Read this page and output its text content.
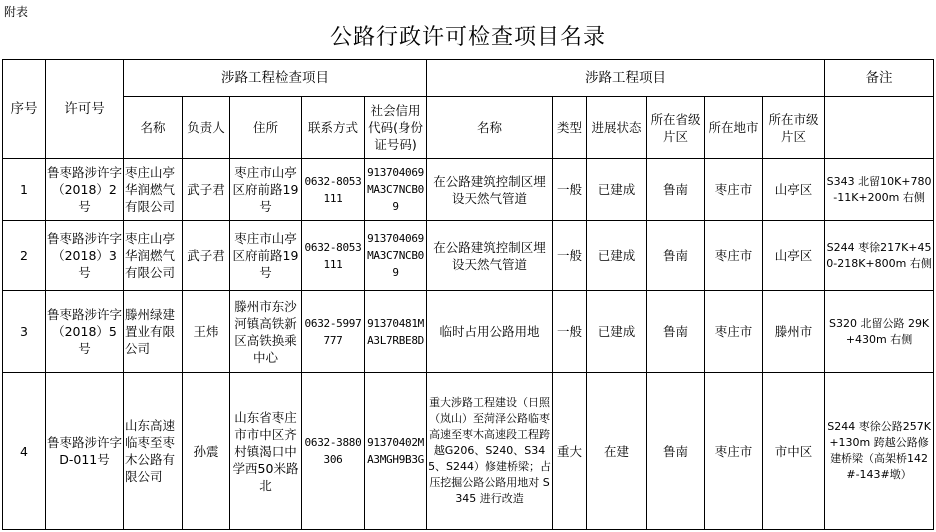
附表
公路行政许可检查项目名录
序号	许可号	涉路工程检查项目					涉路工程项目						备注
		名称	负责人	住所	联系方式	社会信用代码(身份证号码)	名称	类型	进展状态	所在省级片区	所在地市	所在市级片区	
1	鲁枣路涉许字（2018）2号	枣庄山亭华润燃气有限公司	武子君	枣庄市山亭区府前路19号	0632-8053111	913704069MA3C7NCB09	在公路建筑控制区埋设天然气管道	一般	已建成	鲁南	枣庄市	山亭区	S343 北留10K+780-11K+200m 右侧
2	鲁枣路涉许字（2018）3号	枣庄山亭华润燃气有限公司	武子君	枣庄市山亭区府前路19号	0632-8053111	913704069MA3C7NCB09	在公路建筑控制区埋设天然气管道	一般	已建成	鲁南	枣庄市	山亭区	S244 枣徐217K+450-218K+800m 右侧
3	鲁枣路涉许字（2018）5号	滕州绿建置业有限公司	王炜	滕州市东沙河镇高铁新区高铁换乘中心	0632-5997777	91370481MA3L7RBE8D	临时占用公路用地	一般	已建成	鲁南	枣庄市	滕州市	S320 北留公路 29K+430m 右侧
4	鲁枣路涉许字D-011号	山东高速临枣至枣木公路有限公司	孙震	山东省枣庄市市中区齐村镇渴口中学西50米路北	0632-3880306	91370402MA3MGH9B3G	重大涉路工程建设（日照（岚山）至菏泽公路临枣高速至枣木高速段工程跨越G206、S240、S345、S244）修建桥梁；占压挖掘公路公路用地对 S345 进行改造	重大	在建	鲁南	枣庄市	市中区	S244 枣徐公路257K+130m 跨越公路修建桥梁（高架桥142#-143#墩）
